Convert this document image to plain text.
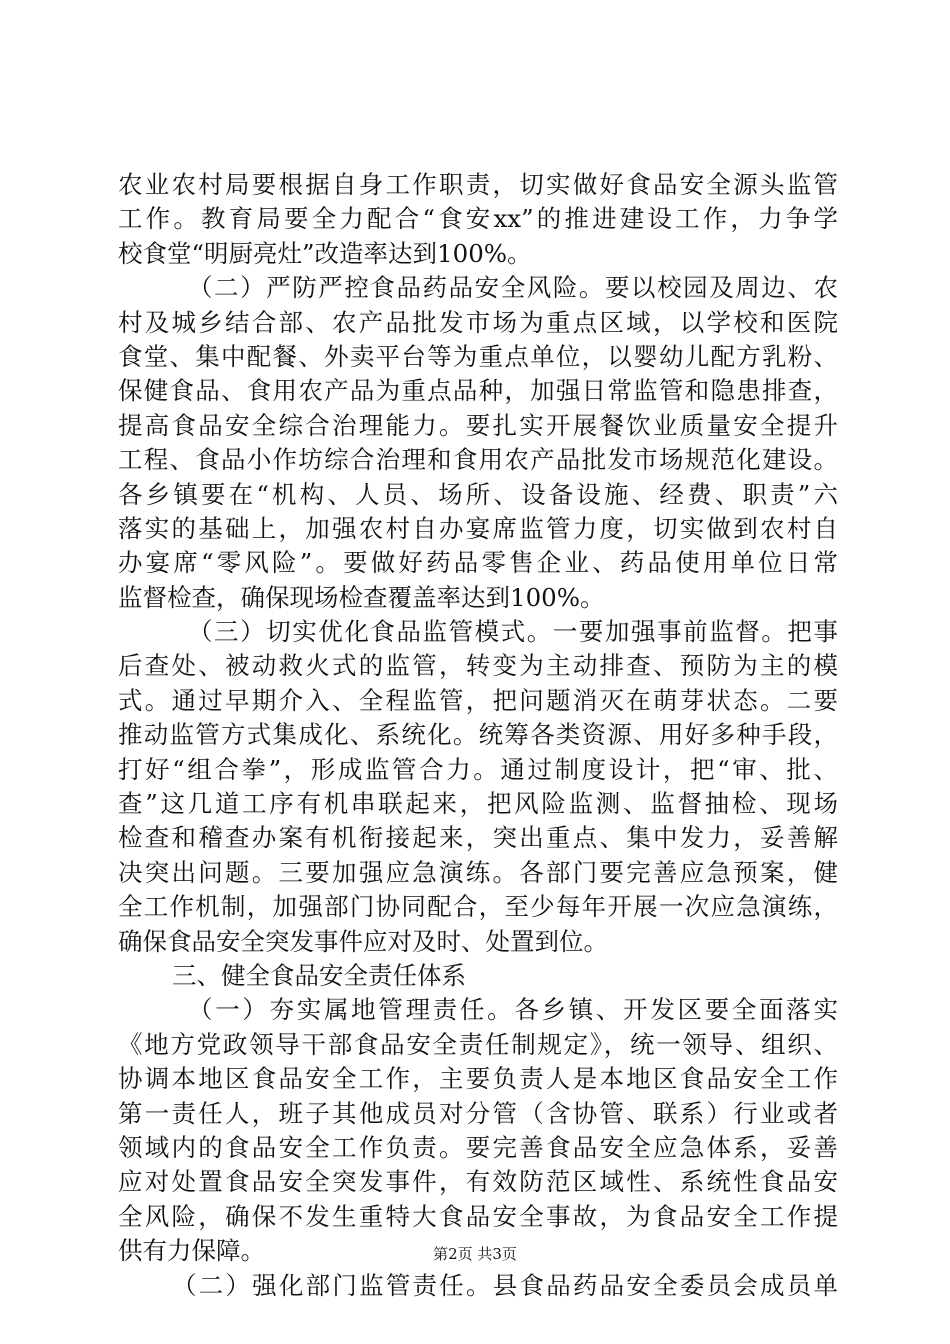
农业农村局要根据自身工作职责，切实做好食品安全源头监管
工作。教育局要全力配合“食安xx”的推进建设工作，力争学
校食堂“明厨亮灶”改造率达到100%。
（二）严防严控食品药品安全风险。要以校园及周边、农
村及城乡结合部、农产品批发市场为重点区域，以学校和医院
食堂、集中配餐、外卖平台等为重点单位，以婴幼儿配方乳粉、
保健食品、食用农产品为重点品种，加强日常监管和隐患排查，
提高食品安全综合治理能力。要扎实开展餐饮业质量安全提升
工程、食品小作坊综合治理和食用农产品批发市场规范化建设。
各乡镇要在“机构、人员、场所、设备设施、经费、职责”六
落实的基础上，加强农村自办宴席监管力度，切实做到农村自
办宴席“零风险”。要做好药品零售企业、药品使用单位日常
监督检查，确保现场检查覆盖率达到100%。
（三）切实优化食品监管模式。一要加强事前监督。把事
后查处、被动救火式的监管，转变为主动排查、预防为主的模
式。通过早期介入、全程监管，把问题消灭在萌芽状态。二要
推动监管方式集成化、系统化。统筹各类资源、用好多种手段，
打好“组合拳”，形成监管合力。通过制度设计，把“审、批、
查”这几道工序有机串联起来，把风险监测、监督抽检、现场
检查和稽查办案有机衔接起来，突出重点、集中发力，妥善解
决突出问题。三要加强应急演练。各部门要完善应急预案，健
全工作机制，加强部门协同配合，至少每年开展一次应急演练，
确保食品安全突发事件应对及时、处置到位。
三、健全食品安全责任体系
（一）夯实属地管理责任。各乡镇、开发区要全面落实
《地方党政领导干部食品安全责任制规定》，统一领导、组织、
协调本地区食品安全工作，主要负责人是本地区食品安全工作
第一责任人，班子其他成员对分管（含协管、联系）行业或者
领域内的食品安全工作负责。要完善食品安全应急体系，妥善
应对处置食品安全突发事件，有效防范区域性、系统性食品安
全风险，确保不发生重特大食品安全事故，为食品安全工作提
供有力保障。
（二）强化部门监管责任。县食品药品安全委员会成员单
第2页 共3页
